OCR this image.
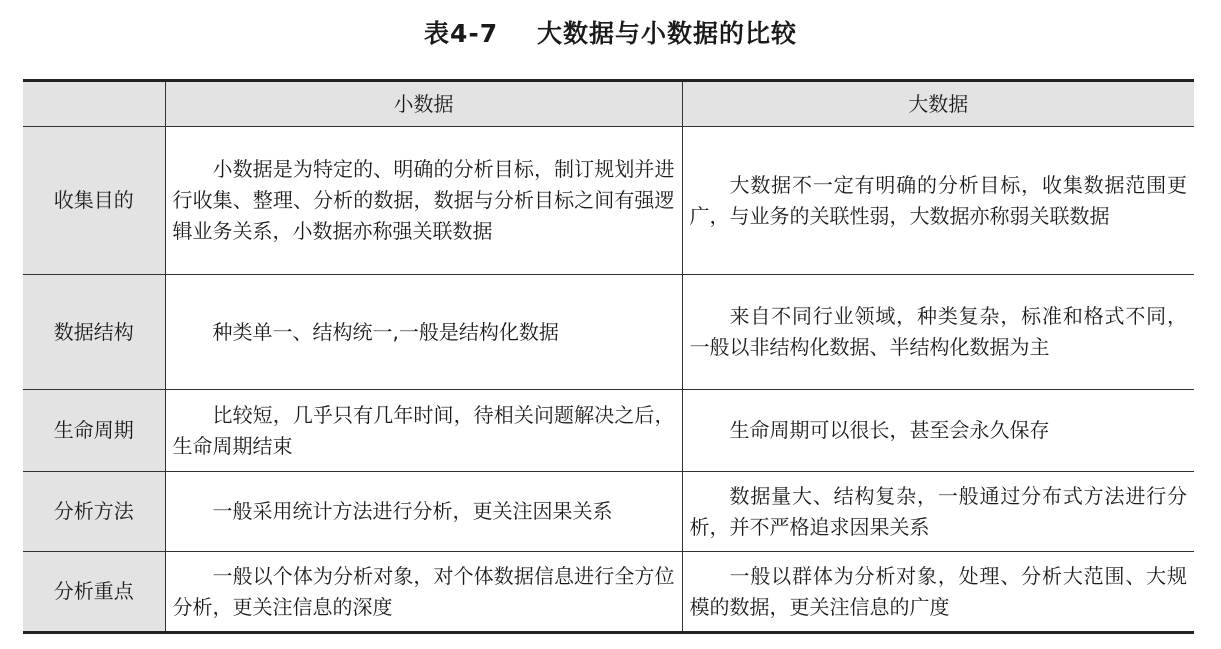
表4-7    大数据与小数据的比较
	小数据	大数据
收集目的	小数据是为特定的、明确的分析目标，制订规划并进行收集、整理、分析的数据，数据与分析目标之间有强逻辑业务关系，小数据亦称强关联数据	大数据不一定有明确的分析目标，收集数据范围更广，与业务的关联性弱，大数据亦称弱关联数据
数据结构	种类单一、结构统一,一般是结构化数据	来自不同行业领域，种类复杂，标准和格式不同，一般以非结构化数据、半结构化数据为主
生命周期	比较短，几乎只有几年时间，待相关问题解决之后，生命周期结束	生命周期可以很长，甚至会永久保存
分析方法	一般采用统计方法进行分析，更关注因果关系	数据量大、结构复杂，一般通过分布式方法进行分析，并不严格追求因果关系
分析重点	一般以个体为分析对象，对个体数据信息进行全方位分析，更关注信息的深度	一般以群体为分析对象，处理、分析大范围、大规模的数据，更关注信息的广度
